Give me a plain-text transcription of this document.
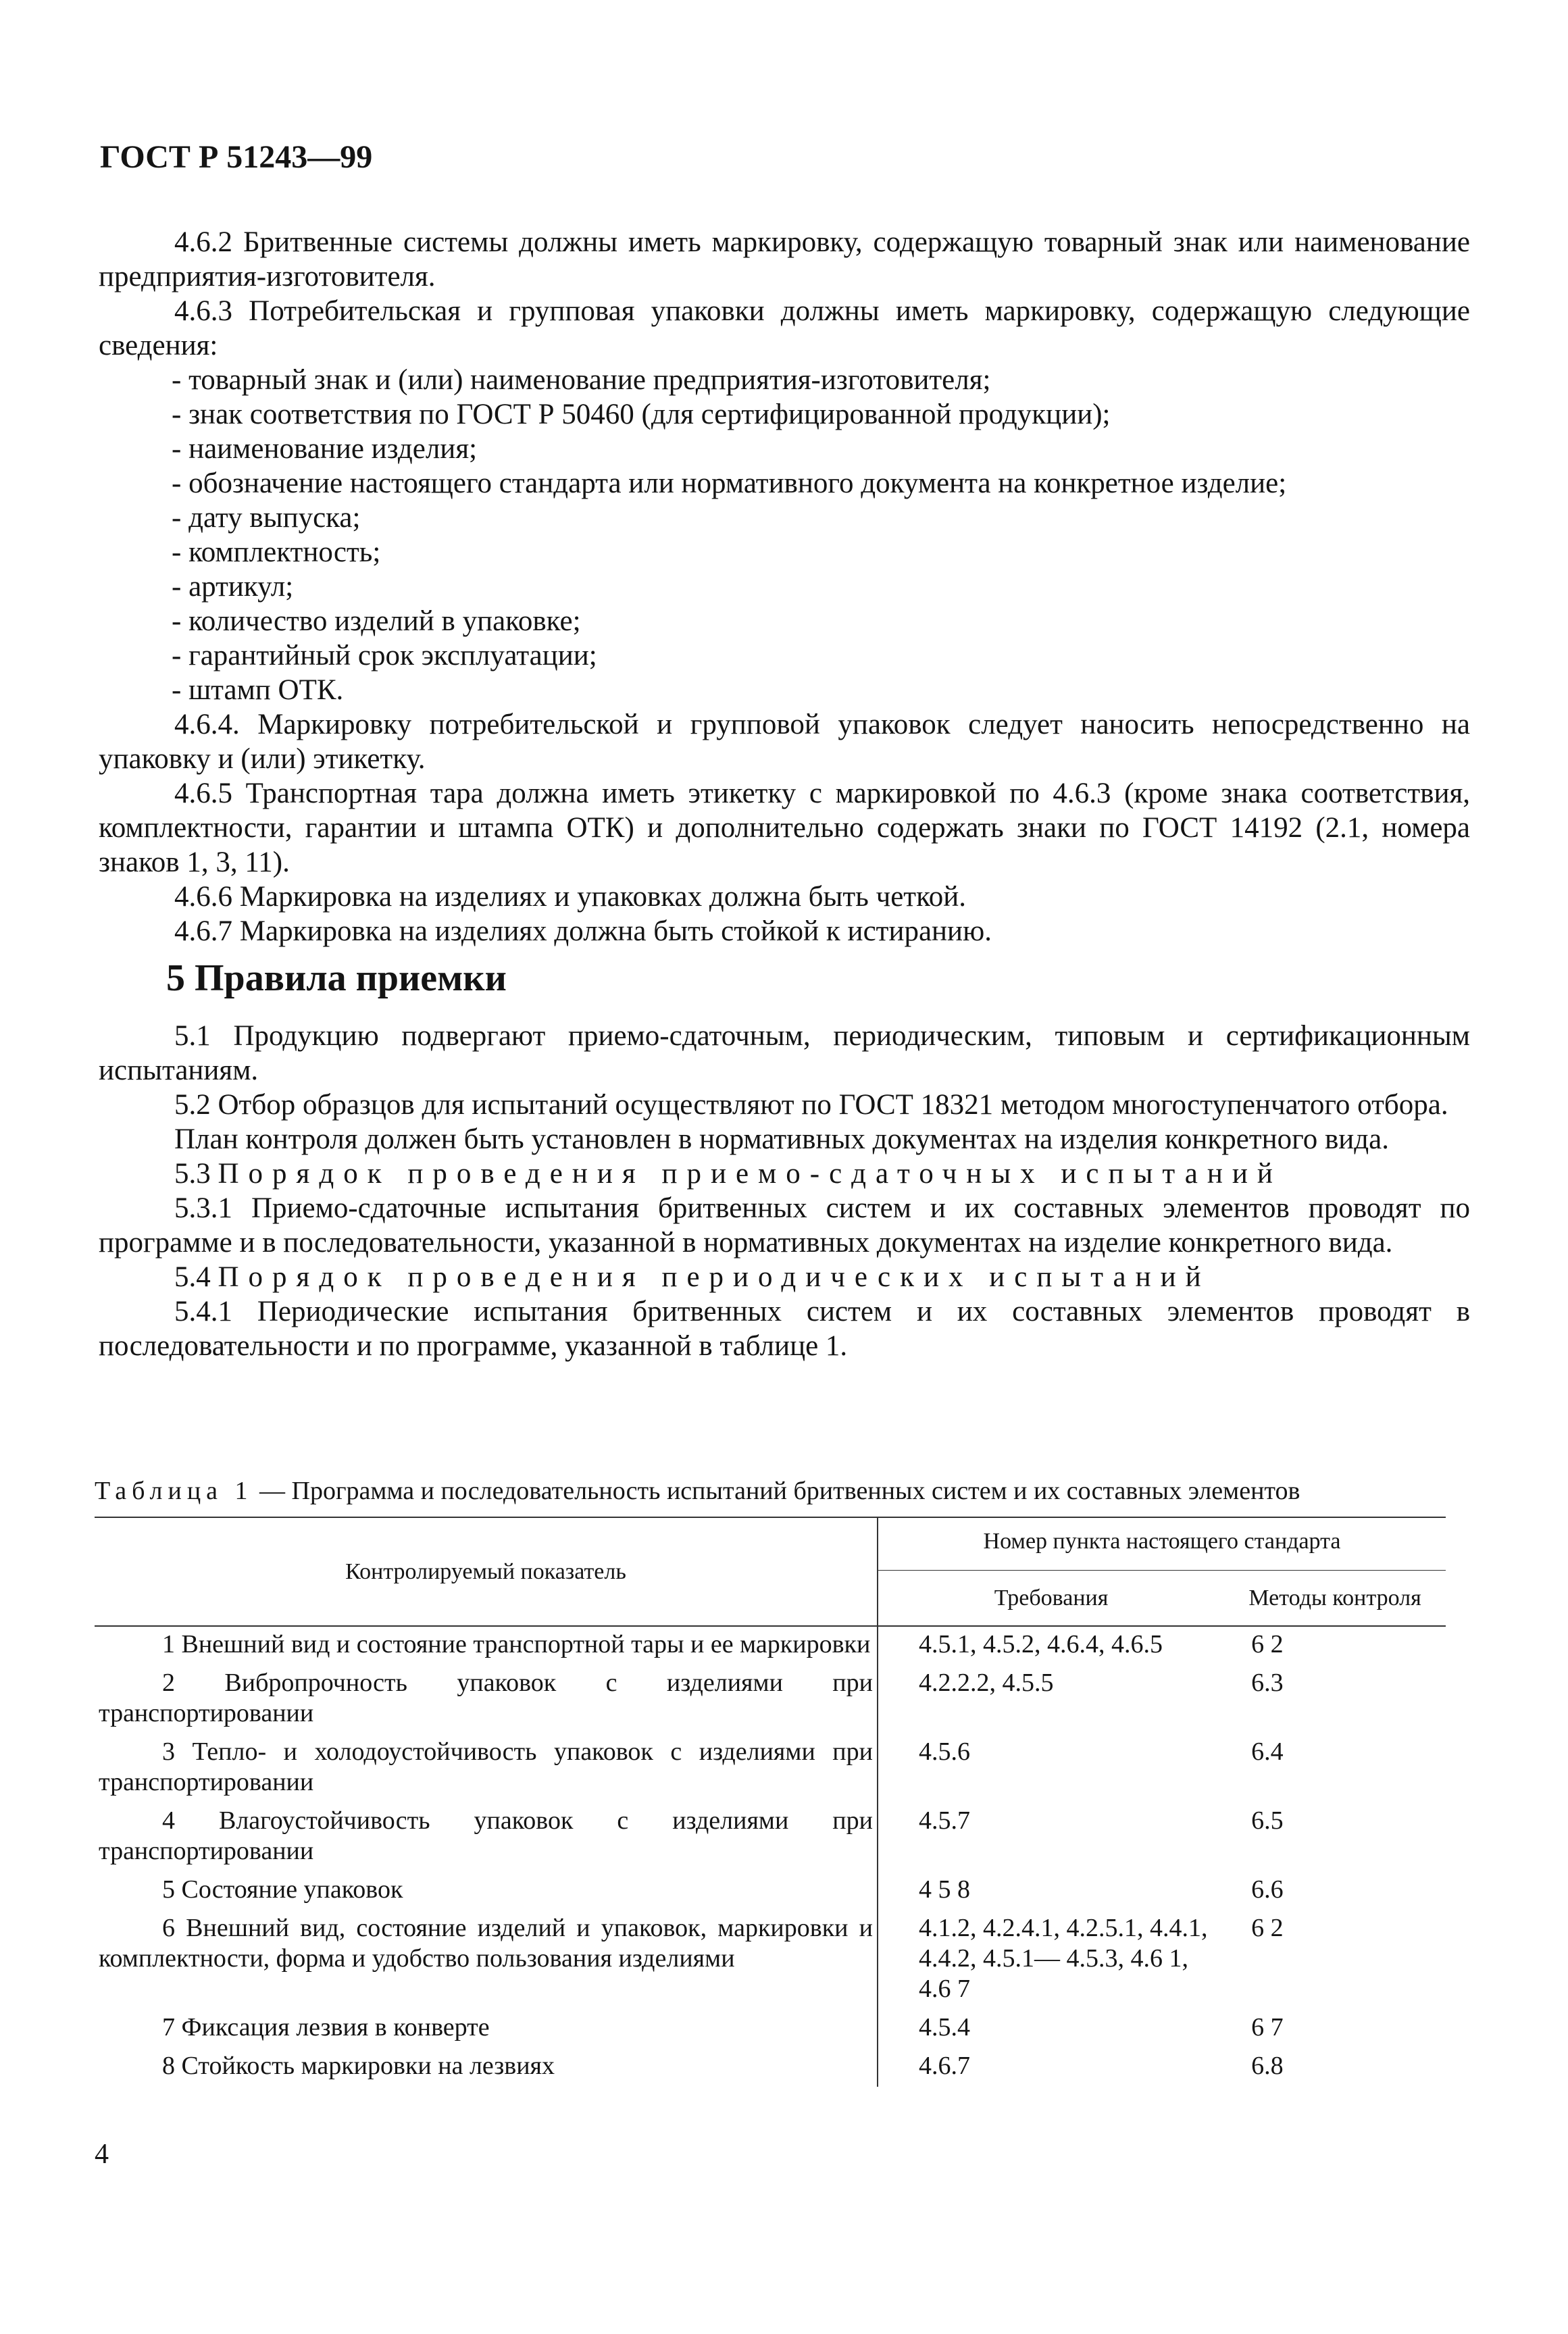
ГОСТ Р 51243—99

4.6.2 Бритвенные системы должны иметь маркировку, содержащую товарный знак или наименование предприятия-изготовителя.

4.6.3 Потребительская и групповая упаковки должны иметь маркировку, содержащую следующие сведения:

- товарный знак и (или) наименование предприятия-изготовителя;

- знак соответствия по ГОСТ Р 50460 (для сертифицированной продукции);

- наименование изделия;

- обозначение настоящего стандарта или нормативного документа на конкретное изделие;

- дату выпуска;

- комплектность;

- артикул;

- количество изделий в упаковке;

- гарантийный срок эксплуатации;

- штамп ОТК.

4.6.4. Маркировку потребительской и групповой упаковок следует наносить непосредственно на упаковку и (или) этикетку.

4.6.5 Транспортная тара должна иметь этикетку с маркировкой по 4.6.3 (кроме знака соответствия, комплектности, гарантии и штампа ОТК) и дополнительно содержать знаки по ГОСТ 14192 (2.1, номера знаков 1, 3, 11).

4.6.6 Маркировка на изделиях и упаковках должна быть четкой.

4.6.7 Маркировка на изделиях должна быть стойкой к истиранию.

5 Правила приемки

5.1 Продукцию подвергают приемо-сдаточным, периодическим, типовым и сертификационным испытаниям.

5.2 Отбор образцов для испытаний осуществляют по ГОСТ 18321 методом многоступенчатого отбора.

План контроля должен быть установлен в нормативных документах на изделия конкретного вида.

5.3 Порядок проведения приемо-сдаточных испытаний

5.3.1 Приемо-сдаточные испытания бритвенных систем и их составных элементов проводят по программе и в последовательности, указанной в нормативных документах на изделие конкретного вида.

5.4 Порядок проведения периодических испытаний

5.4.1 Периодические испытания бритвенных систем и их составных элементов проводят в последовательности и по программе, указанной в таблице 1.

Таблица 1 — Программа и последовательность испытаний бритвенных систем и их составных элементов
Контролируемый показатель	Номер пункта настоящего стандарта	
	Требования	Методы контроля

1 Внешний вид и состояние транспортной тары и ее маркировки	4.5.1, 4.5.2, 4.6.4, 4.6.5	6 2

2 Вибропрочность упаковок с изделиями при транспортировании	4.2.2.2, 4.5.5	6.3

3 Тепло- и холодоустойчивость упаковок с изделиями при транспортировании	4.5.6	6.4

4 Влагоустойчивость упаковок с изделиями при транспортировании	4.5.7	6.5

5 Состояние упаковок	4 5 8	6.6

6 Внешний вид, состояние изделий и упаковок, маркировки и комплектности, форма и удобство пользования изделиями	4.1.2, 4.2.4.1, 4.2.5.1, 4.4.1, 4.4.2, 4.5.1— 4.5.3, 4.6 1, 4.6 7	6 2

7 Фиксация лезвия в конверте	4.5.4	6 7

8 Стойкость маркировки на лезвиях	4.6.7	6.8
4
